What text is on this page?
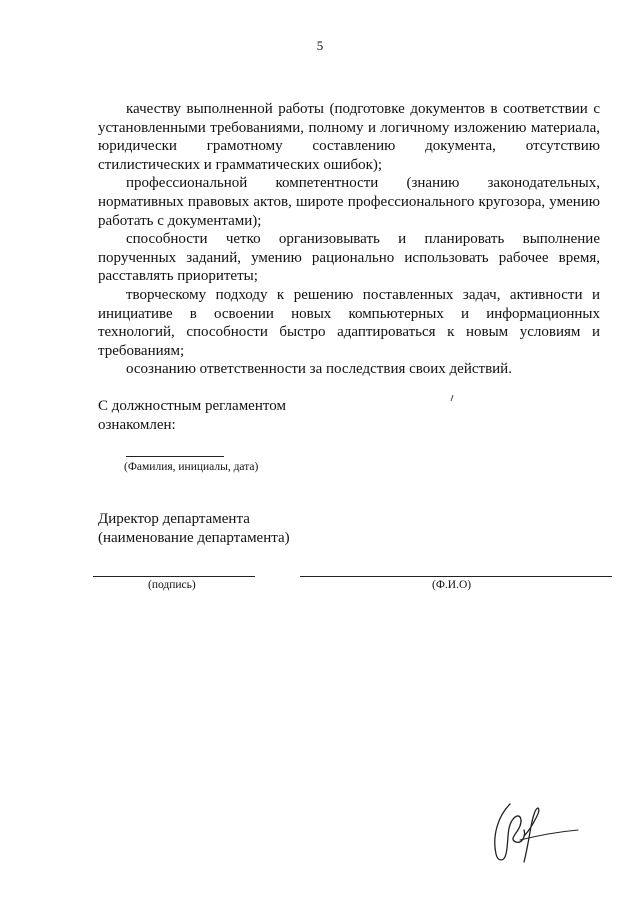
5

качеству выполненной работы (подготовке документов в соответствии с установленными требованиями, полному и логичному изложению материала, юридически грамотному составлению документа, отсутствию стилистических и грамматических ошибок);

профессиональной компетентности (знанию законодательных, нормативных правовых актов, широте профессионального кругозора, умению работать с документами);

способности четко организовывать и планировать выполнение порученных заданий, умению рационально использовать рабочее время, расставлять приоритеты;

творческому подходу к решению поставленных задач, активности и инициативе в освоении новых компьютерных и информационных технологий, способности быстро адаптироваться к новым условиям и требованиям;

осознанию ответственности за последствия своих действий.

С должностным регламентом
ознакомлен:
(Фамилия, инициалы, дата)
Директор департамента
(наименование департамента)
(подпись)	(Ф.И.О)
